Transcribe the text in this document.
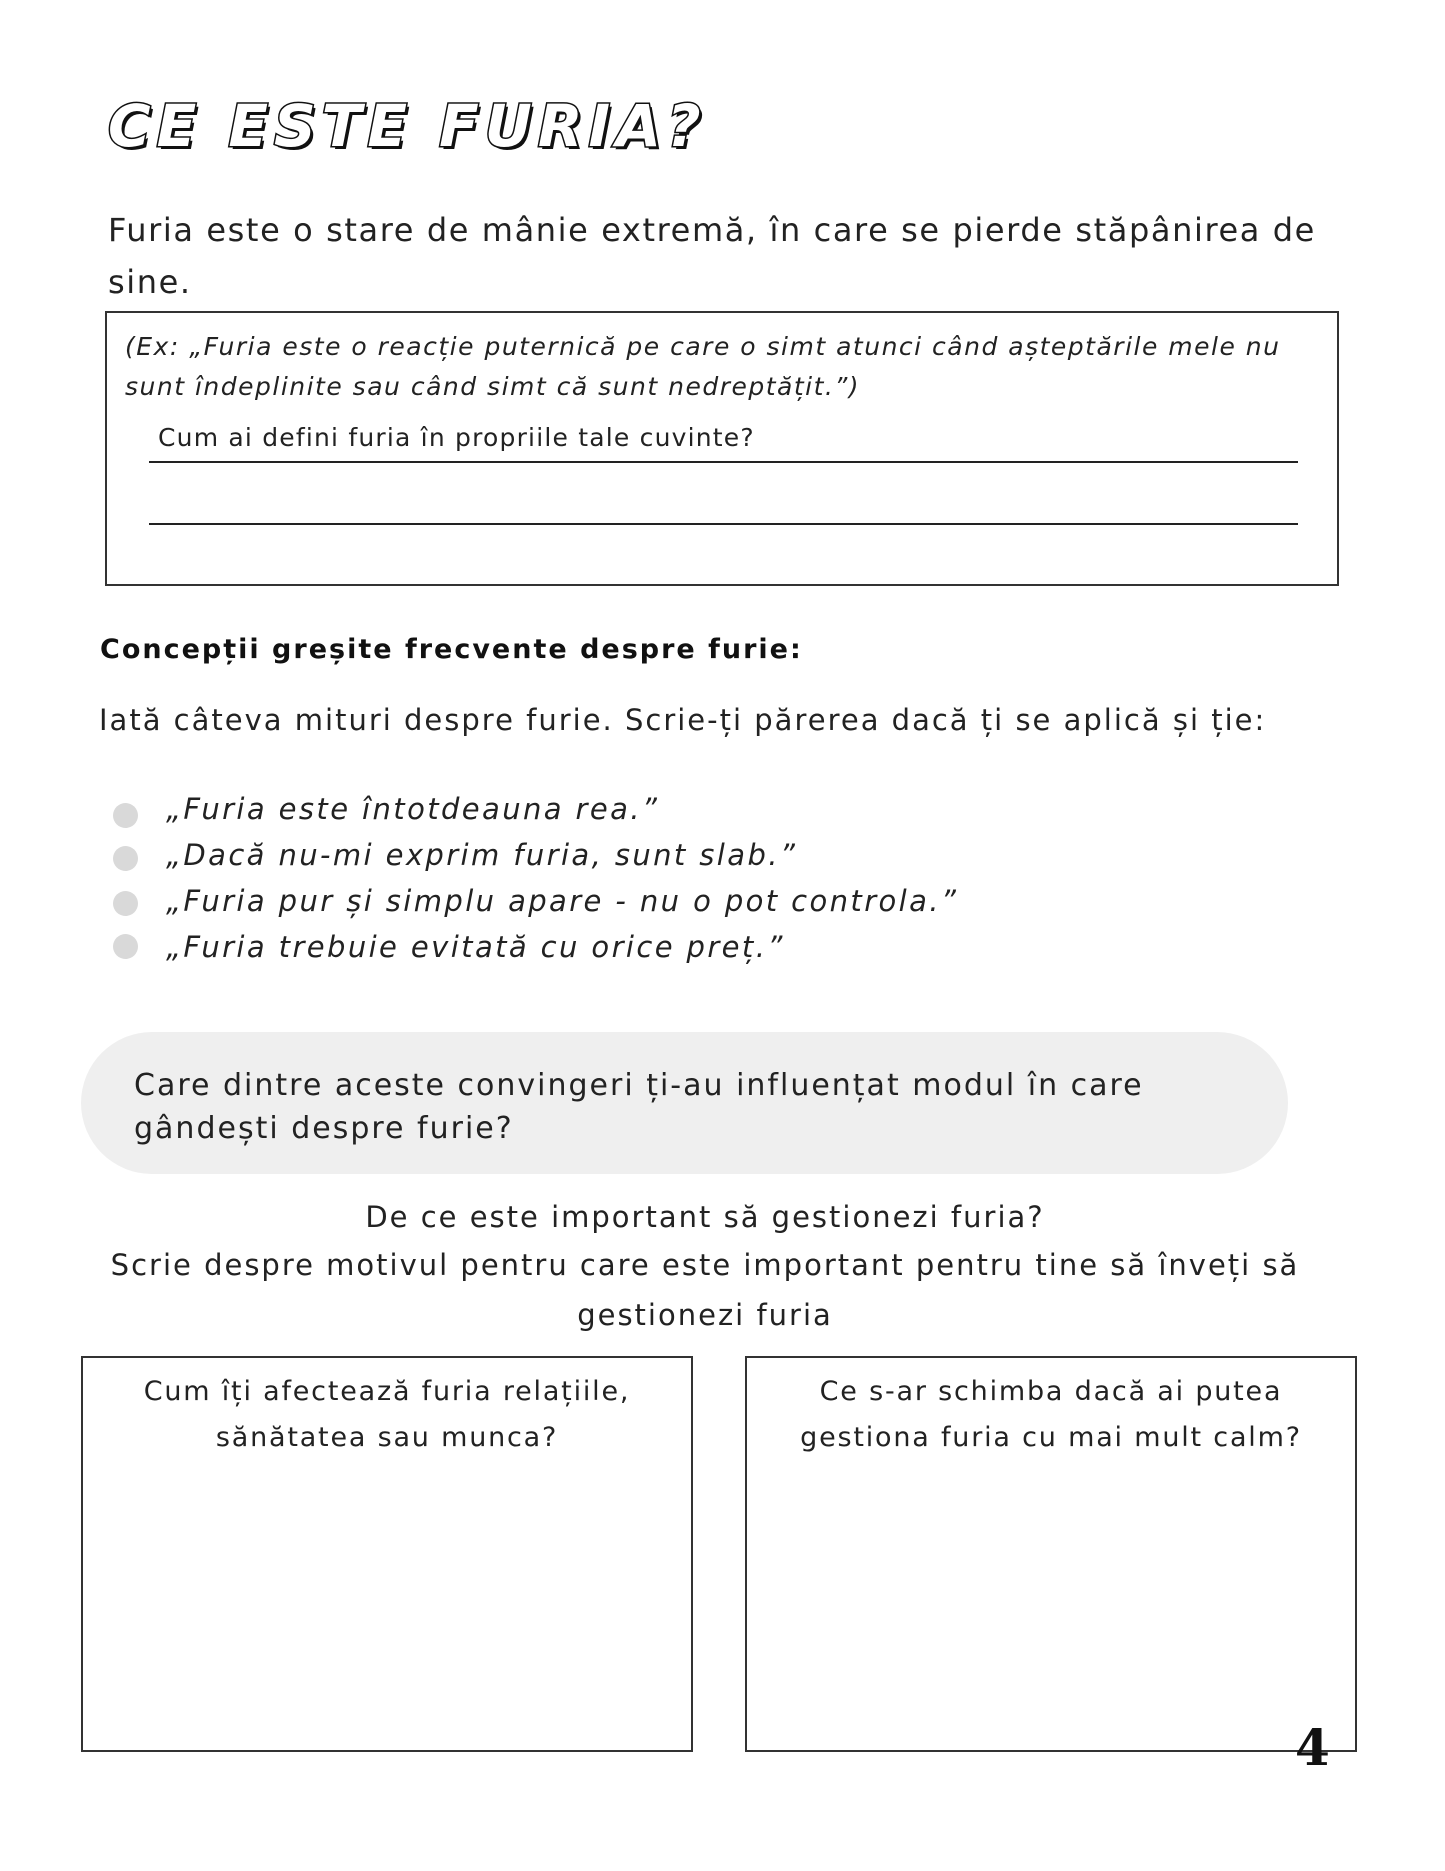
CE ESTE FURIA?
Furia este o stare de mânie extremă, în care se pierde stăpânirea de sine.
(Ex: „Furia este o reacție puternică pe care o simt atunci când așteptările mele nu sunt îndeplinite sau când simt că sunt nedreptățit.”)
Cum ai defini furia în propriile tale cuvinte?
Concepții greșite frecvente despre furie:
Iată câteva mituri despre furie. Scrie-ți părerea dacă ți se aplică și ție:
„Furia este întotdeauna rea.”
„Dacă nu-mi exprim furia, sunt slab.”
„Furia pur și simplu apare - nu o pot controla.”
„Furia trebuie evitată cu orice preț.”
Care dintre aceste convingeri ți-au influențat modul în care gândești despre furie?
De ce este important să gestionezi furia?
Scrie despre motivul pentru care este important pentru tine să înveți să
gestionezi furia
Cum îți afectează furia relațiile,
sănătatea sau munca?
Ce s-ar schimba dacă ai putea
gestiona furia cu mai mult calm?
4
